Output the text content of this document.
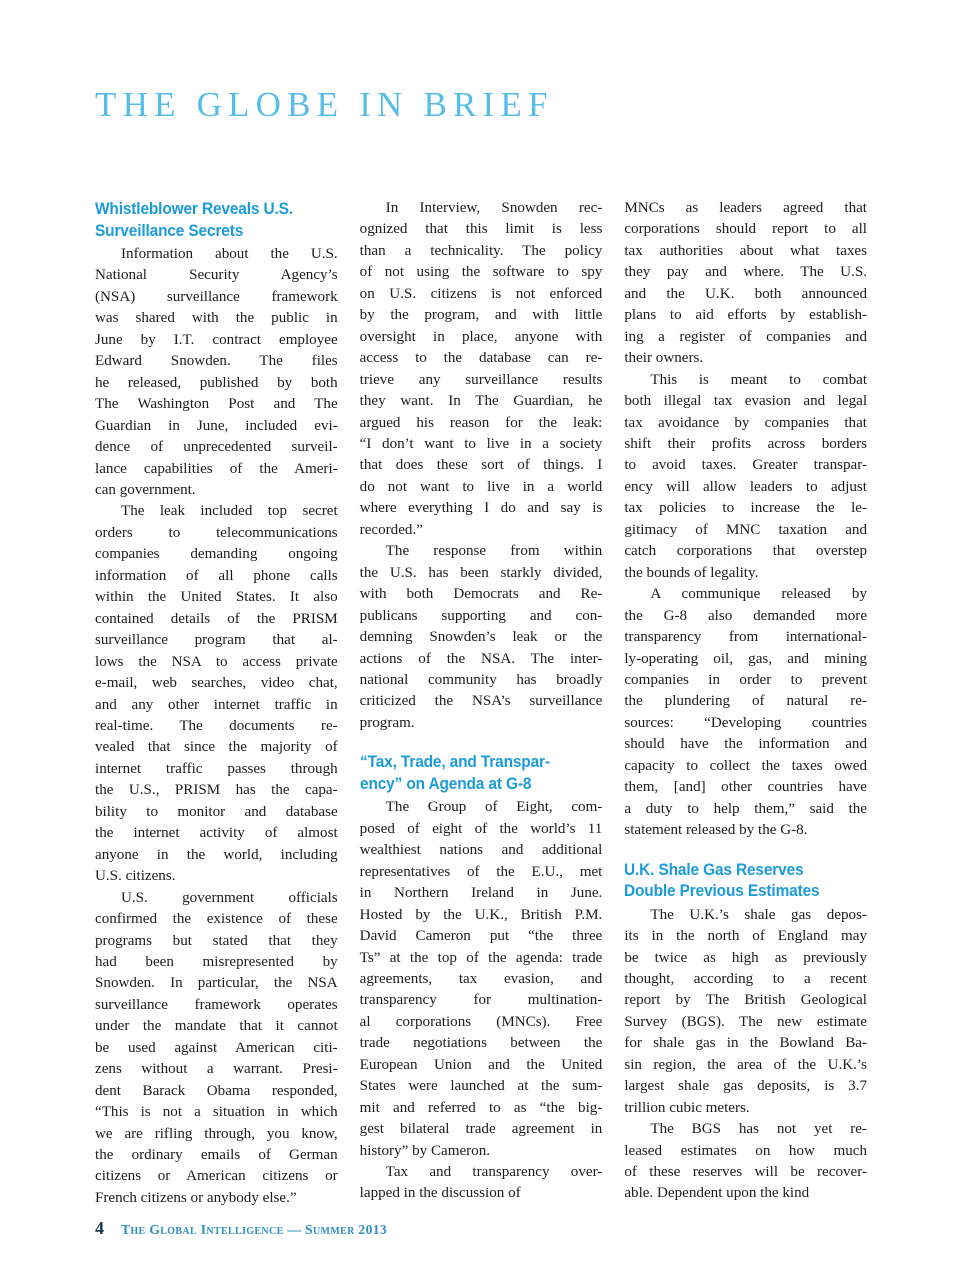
THE GLOBE IN BRIEF
Whistleblower Reveals U.S.
Surveillance Secrets
Information about the U.S.
National Security Agency’s
(NSA) surveillance framework
was shared with the public in
June by I.T. contract employee
Edward Snowden. The files
he released, published by both
The Washington Post and The
Guardian in June, included evi-
dence of unprecedented surveil-
lance capabilities of the Ameri-
can government.
The leak included top secret
orders to telecommunications
companies demanding ongoing
information of all phone calls
within the United States. It also
contained details of the PRISM
surveillance program that al-
lows the NSA to access private
e-mail, web searches, video chat,
and any other internet traffic in
real-time. The documents re-
vealed that since the majority of
internet traffic passes through
the U.S., PRISM has the capa-
bility to monitor and database
the internet activity of almost
anyone in the world, including
U.S. citizens.
U.S. government officials
confirmed the existence of these
programs but stated that they
had been misrepresented by
Snowden. In particular, the NSA
surveillance framework operates
under the mandate that it cannot
be used against American citi-
zens without a warrant. Presi-
dent Barack Obama responded,
“This is not a situation in which
we are rifling through, you know,
the ordinary emails of German
citizens or American citizens or
French citizens or anybody else.”
In Interview, Snowden rec-
ognized that this limit is less
than a technicality. The policy
of not using the software to spy
on U.S. citizens is not enforced
by the program, and with little
oversight in place, anyone with
access to the database can re-
trieve any surveillance results
they want. In The Guardian, he
argued his reason for the leak:
“I don’t want to live in a society
that does these sort of things. I
do not want to live in a world
where everything I do and say is
recorded.”
The response from within
the U.S. has been starkly divided,
with both Democrats and Re-
publicans supporting and con-
demning Snowden’s leak or the
actions of the NSA. The inter-
national community has broadly
criticized the NSA’s surveillance
program.
“Tax, Trade, and Transpar-
ency” on Agenda at G-8
The Group of Eight, com-
posed of eight of the world’s 11
wealthiest nations and additional
representatives of the E.U., met
in Northern Ireland in June.
Hosted by the U.K., British P.M.
David Cameron put “the three
Ts” at the top of the agenda: trade
agreements, tax evasion, and
transparency for multination-
al corporations (MNCs). Free
trade negotiations between the
European Union and the United
States were launched at the sum-
mit and referred to as “the big-
gest bilateral trade agreement in
history” by Cameron.
Tax and transparency over-
lapped in the discussion of
MNCs as leaders agreed that
corporations should report to all
tax authorities about what taxes
they pay and where. The U.S.
and the U.K. both announced
plans to aid efforts by establish-
ing a register of companies and
their owners.
This is meant to combat
both illegal tax evasion and legal
tax avoidance by companies that
shift their profits across borders
to avoid taxes. Greater transpar-
ency will allow leaders to adjust
tax policies to increase the le-
gitimacy of MNC taxation and
catch corporations that overstep
the bounds of legality.
A communique released by
the G-8 also demanded more
transparency from international-
ly-operating oil, gas, and mining
companies in order to prevent
the plundering of natural re-
sources: “Developing countries
should have the information and
capacity to collect the taxes owed
them, [and] other countries have
a duty to help them,” said the
statement released by the G-8.
U.K. Shale Gas Reserves
Double Previous Estimates
The U.K.’s shale gas depos-
its in the north of England may
be twice as high as previously
thought, according to a recent
report by The British Geological
Survey (BGS). The new estimate
for shale gas in the Bowland Ba-
sin region, the area of the U.K.’s
largest shale gas deposits, is 3.7
trillion cubic meters.
The BGS has not yet re-
leased estimates on how much
of these reserves will be recover-
able. Dependent upon the kind
4 The Global Intelligence — Summer 2013
